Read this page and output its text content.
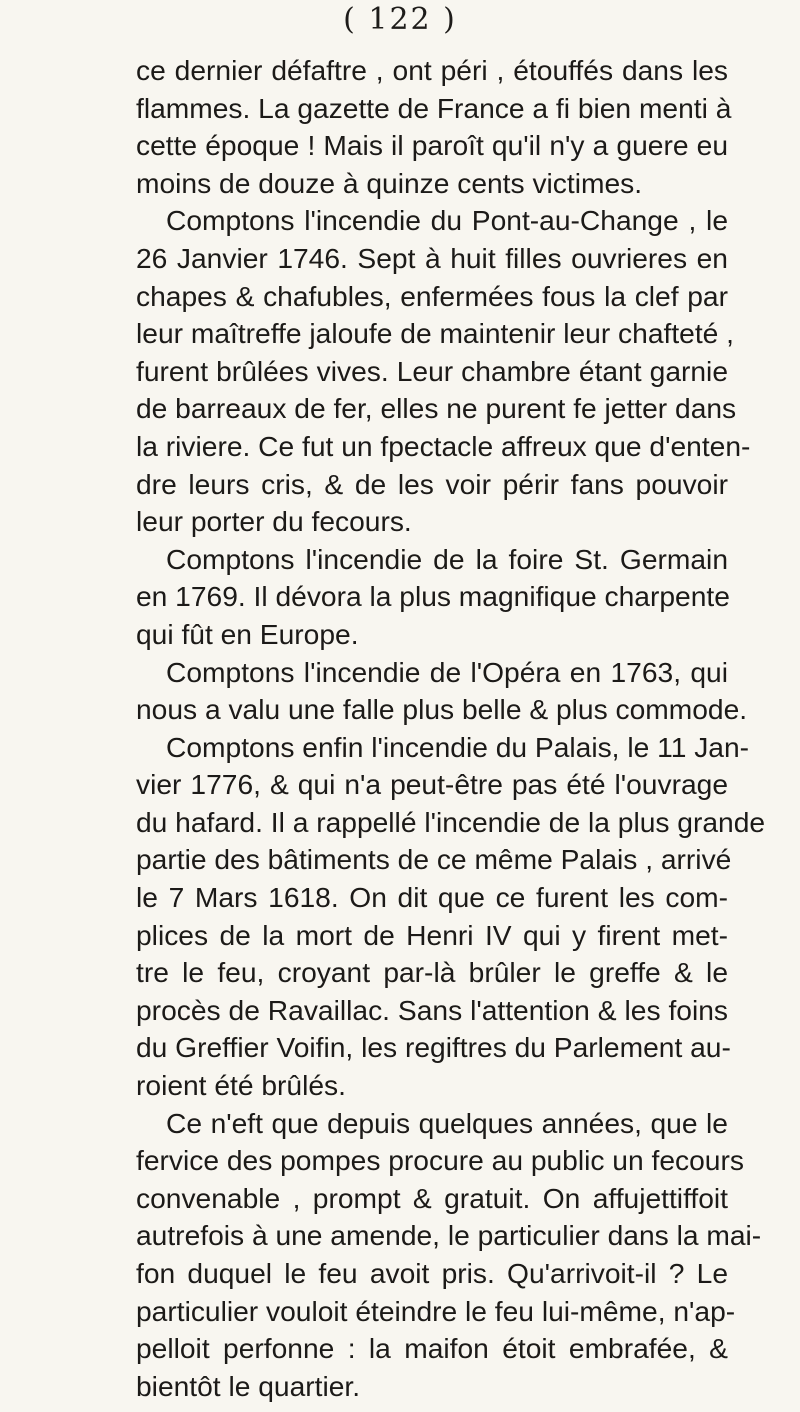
( 122 )
ce dernier défaftre , ont péri , étouffés dans les
flammes. La gazette de France a fi bien menti à
cette époque ! Mais il paroît qu'il n'y a guere eu
moins de douze à quinze cents victimes.
Comptons l'incendie du Pont-au-Change , le
26 Janvier 1746. Sept à huit filles ouvrieres en
chapes & chafubles, enfermées fous la clef par
leur maîtreffe jaloufe de maintenir leur chafteté ,
furent brûlées vives. Leur chambre étant garnie
de barreaux de fer, elles ne purent fe jetter dans
la riviere. Ce fut un fpectacle affreux que d'enten-
dre leurs cris, & de les voir périr fans pouvoir
leur porter du fecours.
Comptons l'incendie de la foire St. Germain
en 1769. Il dévora la plus magnifique charpente
qui fût en Europe.
Comptons l'incendie de l'Opéra en 1763, qui
nous a valu une falle plus belle & plus commode.
Comptons enfin l'incendie du Palais, le 11 Jan-
vier 1776, & qui n'a peut-être pas été l'ouvrage
du hafard. Il a rappellé l'incendie de la plus grande
partie des bâtiments de ce même Palais , arrivé
le 7 Mars 1618. On dit que ce furent les com-
plices de la mort de Henri IV qui y firent met-
tre le feu, croyant par-là brûler le greffe & le
procès de Ravaillac. Sans l'attention & les foins
du Greffier Voifin, les regiftres du Parlement au-
roient été brûlés.
Ce n'eft que depuis quelques années, que le
fervice des pompes procure au public un fecours
convenable , prompt & gratuit. On affujettiffoit
autrefois à une amende, le particulier dans la mai-
fon duquel le feu avoit pris. Qu'arrivoit-il ? Le
particulier vouloit éteindre le feu lui-même, n'ap-
pelloit perfonne : la maifon étoit embrafée, &
bientôt le quartier.
